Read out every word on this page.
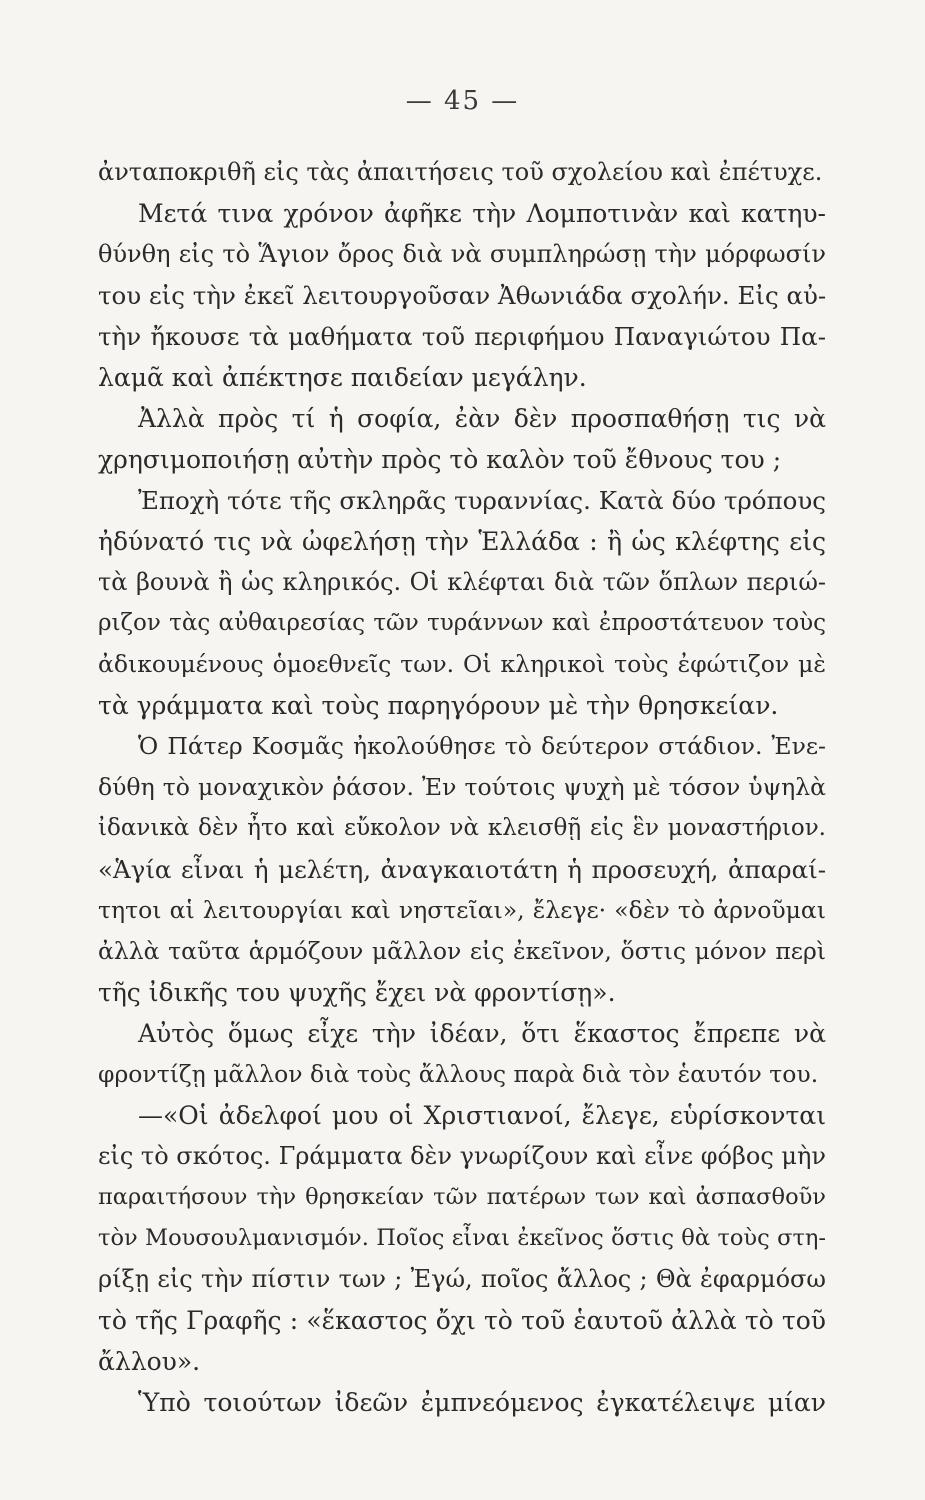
— 45 —
ἀνταποκριθῆ εἰς τὰς ἀπαιτήσεις τοῦ σχολείου καὶ ἐπέτυχε.
Μετά τινα χρόνον ἀφῆκε τὴν Λομποτινὰν καὶ κατηυ-
θύνθη εἰς τὸ Ἅγιον ὄρος διὰ νὰ συμπληρώσῃ τὴν μόρφωσίν
του εἰς τὴν ἐκεῖ λειτουργοῦσαν Ἀθωνιάδα σχολήν. Εἰς αὐ-
τὴν ἤκουσε τὰ μαθήματα τοῦ περιφήμου Παναγιώτου Πα-
λαμᾶ καὶ ἀπέκτησε παιδείαν μεγάλην.
Ἀλλὰ πρὸς τί ἡ σοφία, ἐὰν δὲν προσπαθήσῃ τις νὰ
χρησιμοποιήσῃ αὐτὴν πρὸς τὸ καλὸν τοῦ ἔθνους του ;
Ἐποχὴ τότε τῆς σκληρᾶς τυραννίας. Κατὰ δύο τρόπους
ἠδύνατό τις νὰ ὠφελήσῃ τὴν Ἑλλάδα : ἢ ὡς κλέφτης εἰς
τὰ βουνὰ ἢ ὡς κληρικός. Οἱ κλέφται διὰ τῶν ὅπλων περιώ-
ριζον τὰς αὐθαιρεσίας τῶν τυράννων καὶ ἐπροστάτευον τοὺς
ἀδικουμένους ὁμοεθνεῖς των. Οἱ κληρικοὶ τοὺς ἐφώτιζον μὲ
τὰ γράμματα καὶ τοὺς παρηγόρουν μὲ τὴν θρησκείαν.
Ὁ Πάτερ Κοσμᾶς ἠκολούθησε τὸ δεύτερον στάδιον. Ἐνε-
δύθη τὸ μοναχικὸν ῥάσον. Ἐν τούτοις ψυχὴ μὲ τόσον ὑψηλὰ
ἰδανικὰ δὲν ἦτο καὶ εὔκολον νὰ κλεισθῇ εἰς ἓν μοναστήριον.
«Ἁγία εἶναι ἡ μελέτη, ἀναγκαιοτάτη ἡ προσευχή, ἀπαραί-
τητοι αἱ λειτουργίαι καὶ νηστεῖαι», ἔλεγε· «δὲν τὸ ἀρνοῦμαι
ἀλλὰ ταῦτα ἁρμόζουν μᾶλλον εἰς ἐκεῖνον, ὅστις μόνον περὶ
τῆς ἰδικῆς του ψυχῆς ἔχει νὰ φροντίσῃ».
Αὐτὸς ὅμως εἶχε τὴν ἰδέαν, ὅτι ἕκαστος ἔπρεπε νὰ
φροντίζῃ μᾶλλον διὰ τοὺς ἄλλους παρὰ διὰ τὸν ἑαυτόν του.
—«Οἱ ἀδελφοί μου οἱ Χριστιανοί, ἔλεγε, εὑρίσκονται
εἰς τὸ σκότος. Γράμματα δὲν γνωρίζουν καὶ εἶνε φόβος μὴν
παραιτήσουν τὴν θρησκείαν τῶν πατέρων των καὶ ἀσπασθοῦν
τὸν Μουσουλμανισμόν. Ποῖος εἶναι ἐκεῖνος ὅστις θὰ τοὺς στη-
ρίξῃ εἰς τὴν πίστιν των ; Ἐγώ, ποῖος ἄλλος ; Θὰ ἐφαρμόσω
τὸ τῆς Γραφῆς : «ἕκαστος ὄχι τὸ τοῦ ἑαυτοῦ ἀλλὰ τὸ τοῦ
ἄλλου».
Ὑπὸ τοιούτων ἰδεῶν ἐμπνεόμενος ἐγκατέλειψε μίαν
